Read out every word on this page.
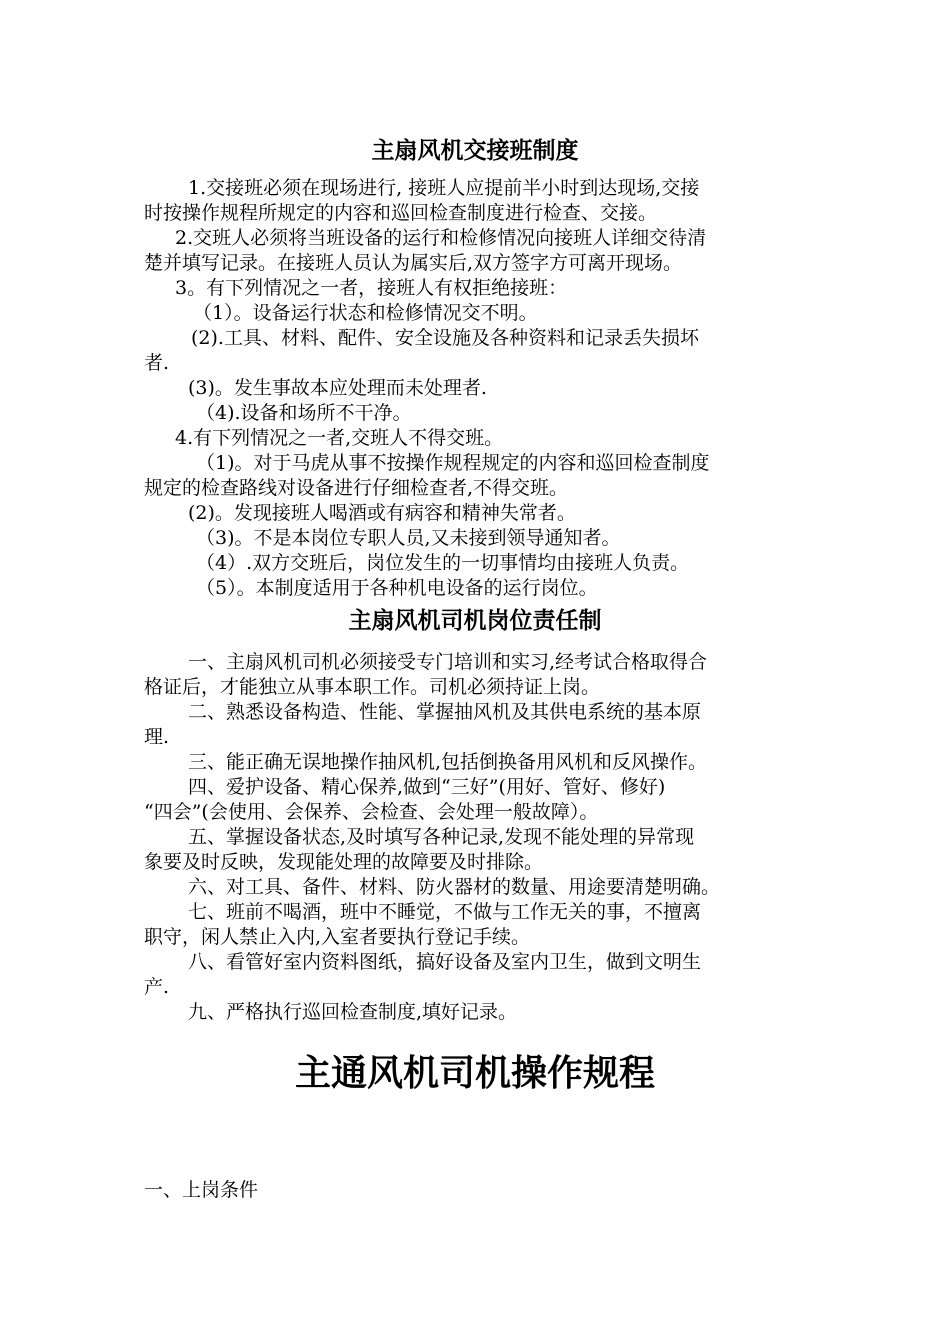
主扇风机交接班制度
1.交接班必须在现场进行, 接班人应提前半小时到达现场,交接
时按操作规程所规定的内容和巡回检查制度进行检查、交接。
2.交班人必须将当班设备的运行和检修情况向接班人详细交待清
楚并填写记录。在接班人员认为属实后,双方签字方可离开现场。
3。有下列情况之一者，接班人有权拒绝接班：
（1）。设备运行状态和检修情况交不明。
(2).工具、材料、配件、安全设施及各种资料和记录丢失损坏
者.
(3)。发生事故本应处理而未处理者.
（4).设备和场所不干净。
4.有下列情况之一者,交班人不得交班。
（1)。对于马虎从事不按操作规程规定的内容和巡回检查制度
规定的检查路线对设备进行仔细检查者,不得交班。
(2)。发现接班人喝酒或有病容和精神失常者。
（3)。不是本岗位专职人员,又未接到领导通知者。
（4）.双方交班后，岗位发生的一切事情均由接班人负责。
（5）。本制度适用于各种机电设备的运行岗位。
主扇风机司机岗位责任制
一、主扇风机司机必须接受专门培训和实习,经考试合格取得合
格证后，才能独立从事本职工作。司机必须持证上岗。
二、熟悉设备构造、性能、掌握抽风机及其供电系统的基本原
理.
三、能正确无误地操作抽风机,包括倒换备用风机和反风操作。
四、爱护设备、精心保养,做到“三好”(用好、管好、修好)
“四会”(会使用、会保养、会检查、会处理一般故障）。
五、掌握设备状态,及时填写各种记录,发现不能处理的异常现
象要及时反映，发现能处理的故障要及时排除。
六、对工具、备件、材料、防火器材的数量、用途要清楚明确。
七、班前不喝酒，班中不睡觉，不做与工作无关的事，不擅离
职守，闲人禁止入内,入室者要执行登记手续。
八、看管好室内资料图纸，搞好设备及室内卫生，做到文明生
产.
九、严格执行巡回检查制度,填好记录。
主通风机司机操作规程
一、上岗条件
